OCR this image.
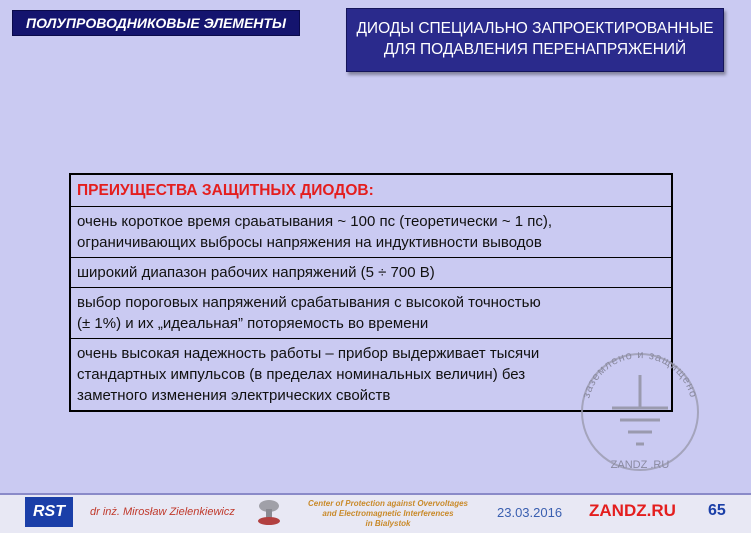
ПОЛУПРОВОДНИКОВЫЕ ЭЛЕМЕНТЫ	ДИОДЫ СПЕЦИАЛЬНО ЗАПРОЕКТИРОВАННЫЕ
ДЛЯ ПОДАВЛЕНИЯ ПЕРЕНАПРЯЖЕНИЙ
ПРЕИУЩЕСТВА ЗАЩИТНЫХ ДИОДОВ:
очень короткое время сраьатывания ~ 100 пс (теоретически ~ 1 пс),
ограничивающих выбросы напряжения на индуктивности выводов
широкий диапазон рабочих напряжений (5 ÷ 700 В)
выбор пороговых напряжений срабатывания с высокой точностью
(± 1%) и их „идеальная” поторяемость во времени
очень высокая надежность работы – прибор выдерживает тысячи
стандартных импульсов (в пределах номинальных величин) без
заметного изменения электрических свойств	заземлено и защищено
ZANDZ .RU
RST	dr inż. Mirosław Zielenkiewicz
Center of Protection against Overvoltages
and Electromagnetic Interferences
in Bialystok
23.03.2016 ZANDZ.RU 65
